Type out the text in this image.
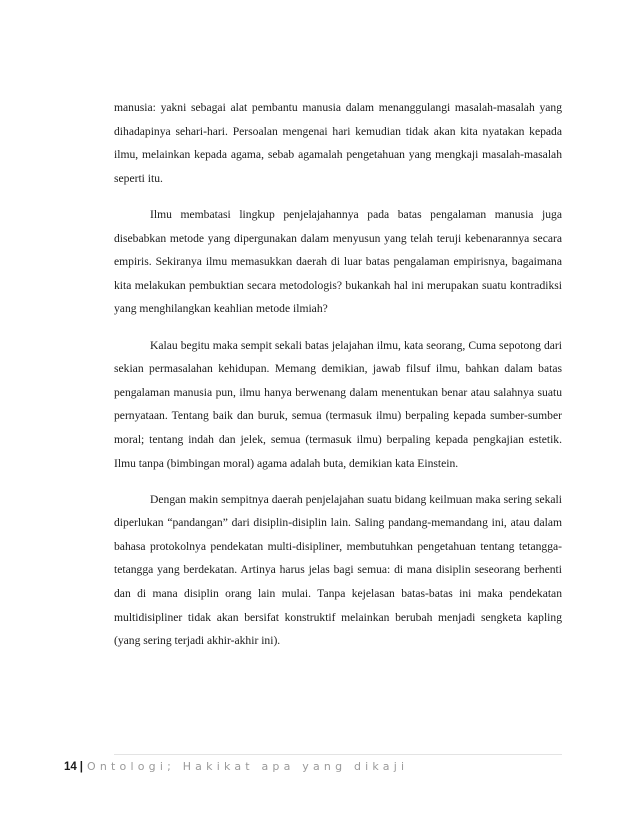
manusia: yakni sebagai alat pembantu manusia dalam menanggulangi masalah-masalah yang dihadapinya sehari-hari. Persoalan mengenai hari kemudian tidak akan kita nyatakan kepada ilmu, melainkan kepada agama, sebab agamalah pengetahuan yang mengkaji masalah-masalah seperti itu.

Ilmu membatasi lingkup penjelajahannya pada batas pengalaman manusia juga disebabkan metode yang dipergunakan dalam menyusun yang telah teruji kebenarannya secara empiris. Sekiranya ilmu memasukkan daerah di luar batas pengalaman empirisnya, bagaimana kita melakukan pembuktian secara metodologis? bukankah hal ini merupakan suatu kontradiksi yang menghilangkan keahlian metode ilmiah?

Kalau begitu maka sempit sekali batas jelajahan ilmu, kata seorang, Cuma sepotong dari sekian permasalahan kehidupan. Memang demikian, jawab filsuf ilmu, bahkan dalam batas pengalaman manusia pun, ilmu hanya berwenang dalam menentukan benar atau salahnya suatu pernyataan. Tentang baik dan buruk, semua (termasuk ilmu) berpaling kepada sumber-sumber moral; tentang indah dan jelek, semua (termasuk ilmu) berpaling kepada pengkajian estetik. Ilmu tanpa (bimbingan moral) agama adalah buta, demikian kata Einstein.

Dengan makin sempitnya daerah penjelajahan suatu bidang keilmuan maka sering sekali diperlukan “pandangan” dari disiplin-disiplin lain. Saling pandang-memandang ini, atau dalam bahasa protokolnya pendekatan multi-disipliner, membutuhkan pengetahuan tentang tetangga-tetangga yang berdekatan. Artinya harus jelas bagi semua: di mana disiplin seseorang berhenti dan di mana disiplin orang lain mulai. Tanpa kejelasan batas-batas ini maka pendekatan multidisipliner tidak akan bersifat konstruktif melainkan berubah menjadi sengketa kapling (yang sering terjadi akhir-akhir ini).

14 | Ontologi; Hakikat apa yang dikaji
